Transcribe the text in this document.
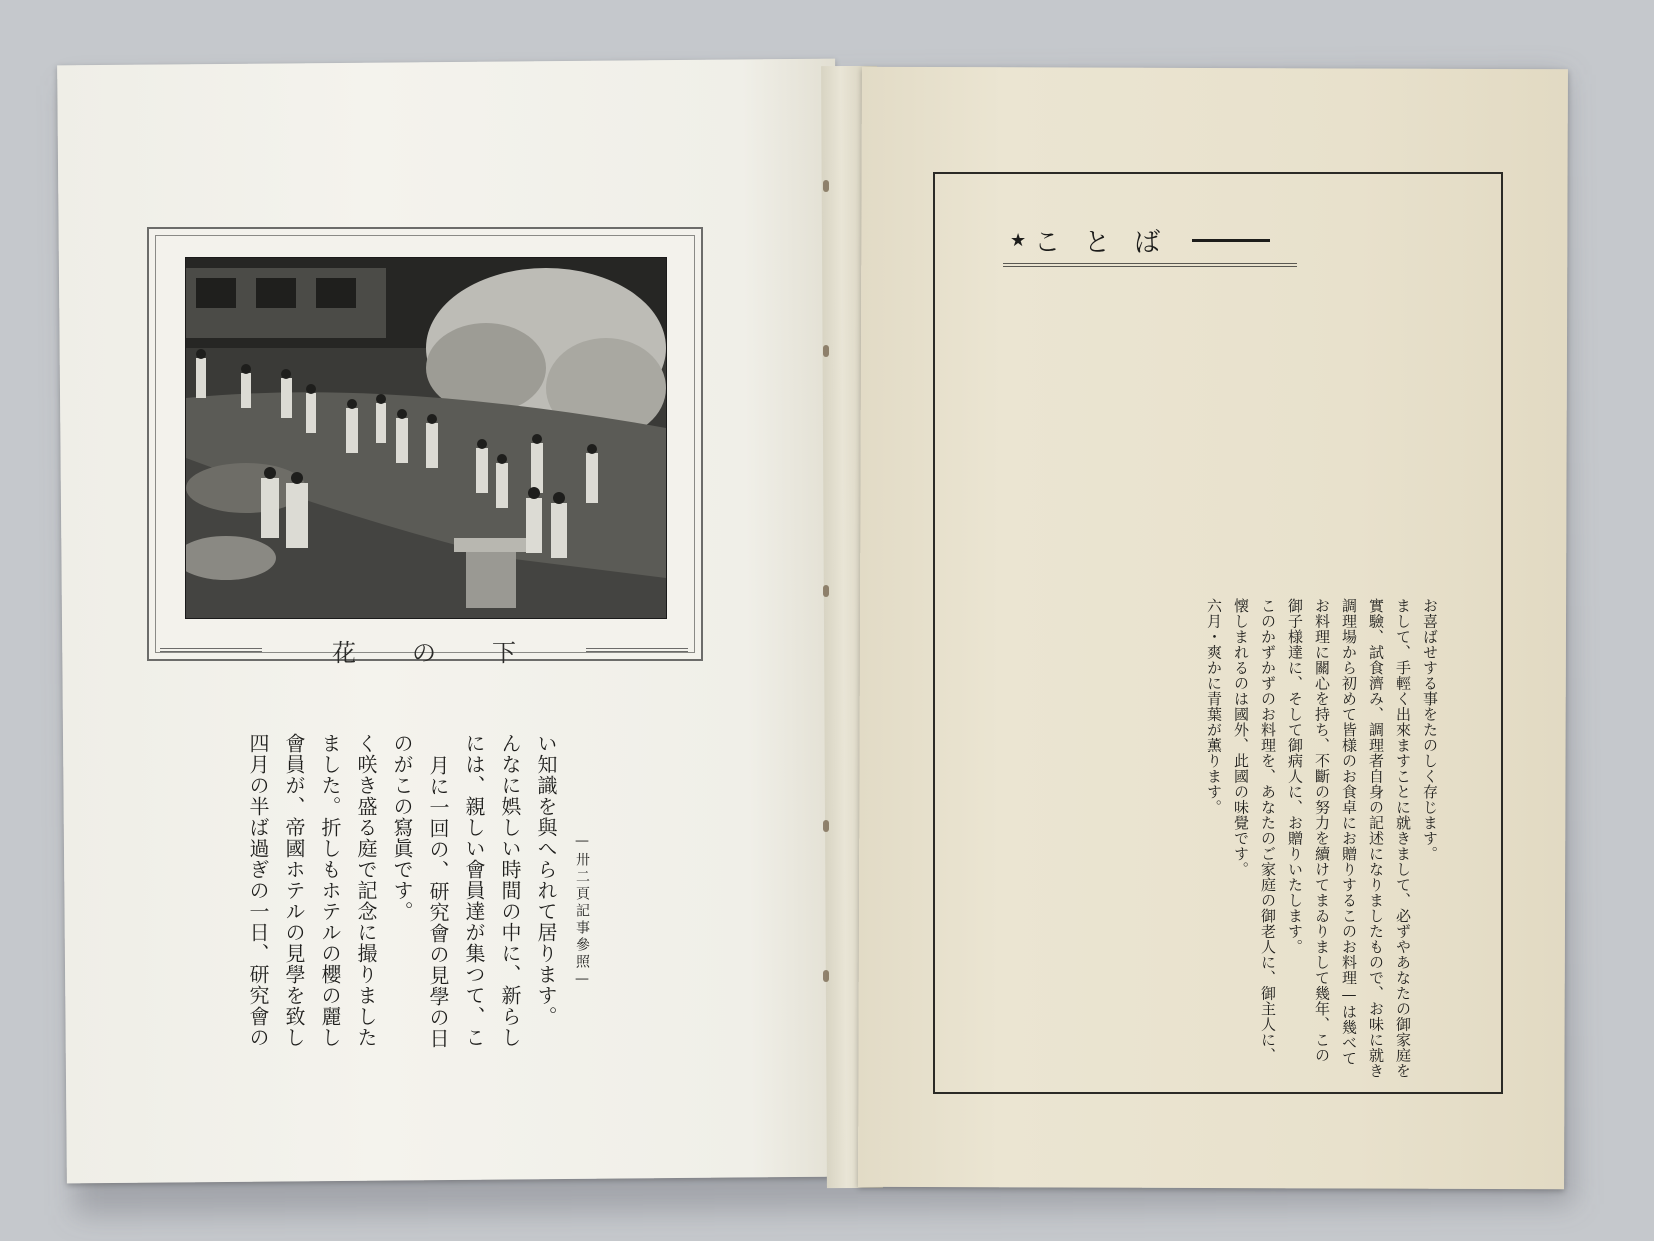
花の下
—卅二頁記事參照—
い知識を與へられて居ります。
んなに娯しい時間の中に、新らし
には、親しい會員達が集つて、こ
月に一回の、研究會の見學の日
のがこの寫眞です。
く咲き盛る庭で記念に撮りました
ました。折しもホテルの櫻の麗し
會員が、帝國ホテルの見學を致し
四月の半ば過ぎの一日、研究會の
★ ことば
お喜ばせする事をたのしく存じます。
まして、手輕く出來ますことに就きまして、必ずやあなたの御家庭を
實驗、試食濟み、調理者自身の記述になりましたもので、お味に就き
調理場から初めて皆様のお食卓にお贈りするこのお料理—は幾べて
お料理に關心を持ち、不斷の努力を續けてまゐりまして幾年、この
御子様達に、そして御病人に、お贈りいたします。
このかずかずのお料理を、あなたのご家庭の御老人に、御主人に、
懐しまれるのは國外、此國の味覺です。
六月・爽かに青葉が薫ります。
